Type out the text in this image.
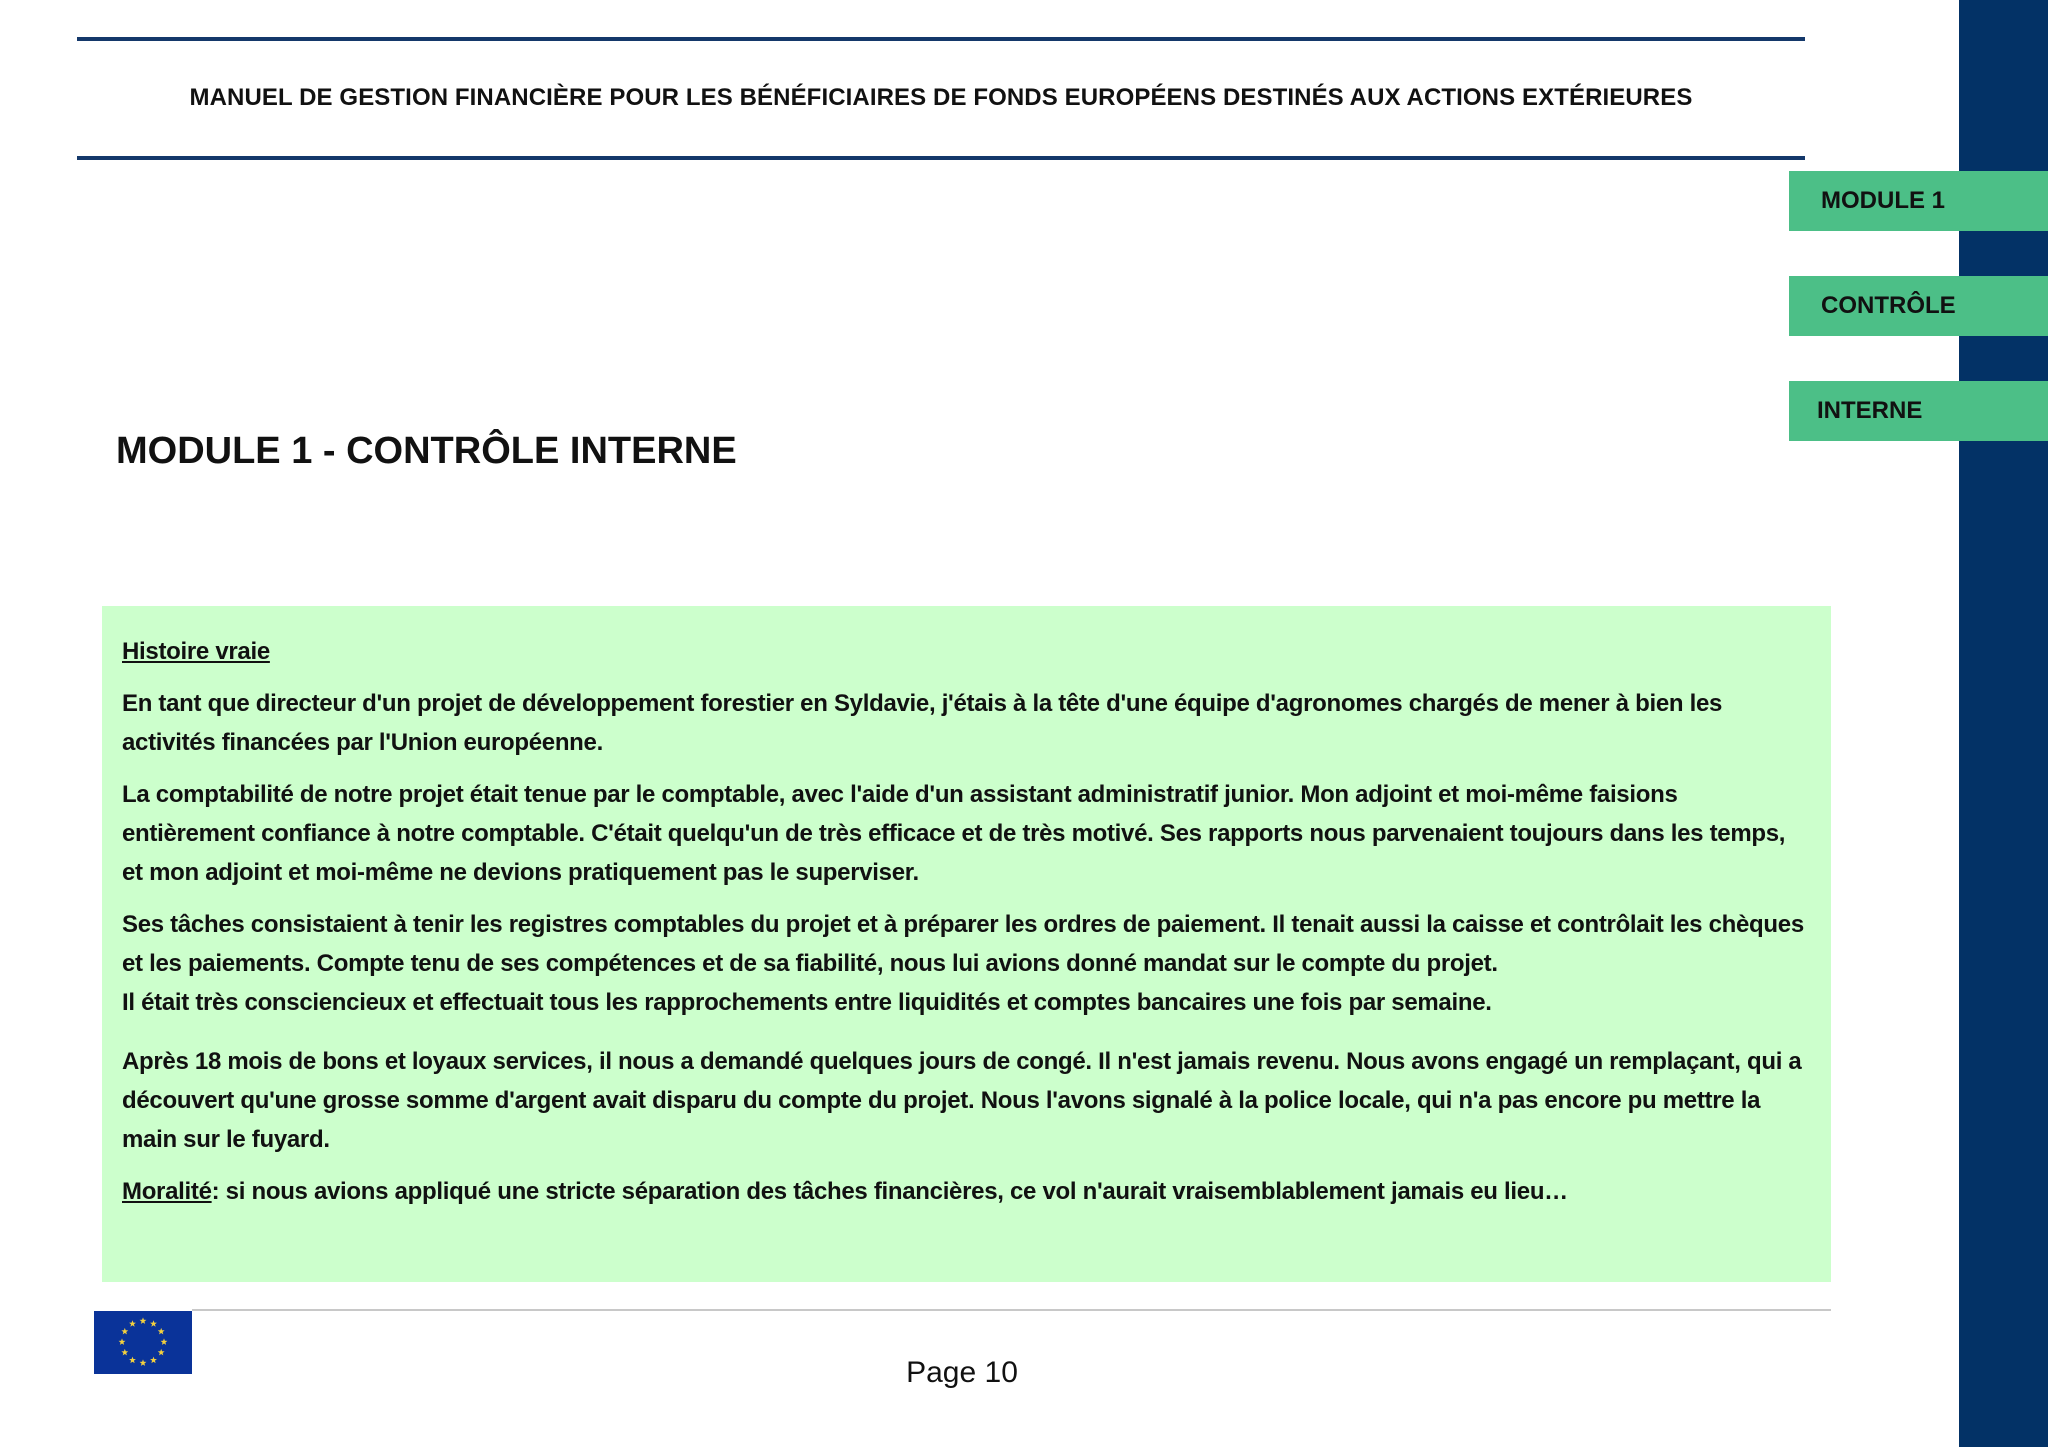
MANUEL DE GESTION FINANCIÈRE POUR LES BÉNÉFICIAIRES DE FONDS EUROPÉENS DESTINÉS AUX ACTIONS EXTÉRIEURES
MODULE 1
CONTRÔLE
INTERNE
MODULE 1 - CONTRÔLE INTERNE

Histoire vraie

En tant que directeur d'un projet de développement forestier en Syldavie, j'étais à la tête d'une équipe d'agronomes chargés de mener à bien les activités financées par l'Union européenne.

La comptabilité de notre projet était tenue par le comptable, avec l'aide d'un assistant administratif junior. Mon adjoint et moi-même faisions entièrement confiance à notre comptable. C'était quelqu'un de très efficace et de très motivé. Ses rapports nous parvenaient toujours dans les temps, et mon adjoint et moi-même ne devions pratiquement pas le superviser.

Ses tâches consistaient à tenir les registres comptables du projet et à préparer les ordres de paiement. Il tenait aussi la caisse et contrôlait les chèques et les paiements. Compte tenu de ses compétences et de sa fiabilité, nous lui avions donné mandat sur le compte du projet.

Il était très consciencieux et effectuait tous les rapprochements entre liquidités et comptes bancaires une fois par semaine.

Après 18 mois de bons et loyaux services, il nous a demandé quelques jours de congé. Il n'est jamais revenu. Nous avons engagé un remplaçant, qui a découvert qu'une grosse somme d'argent avait disparu du compte du projet. Nous l'avons signalé à la police locale, qui n'a pas encore pu mettre la main sur le fuyard.

Moralité: si nous avions appliqué une stricte séparation des tâches financières, ce vol n'aurait vraisemblablement jamais eu lieu…

Page 10
